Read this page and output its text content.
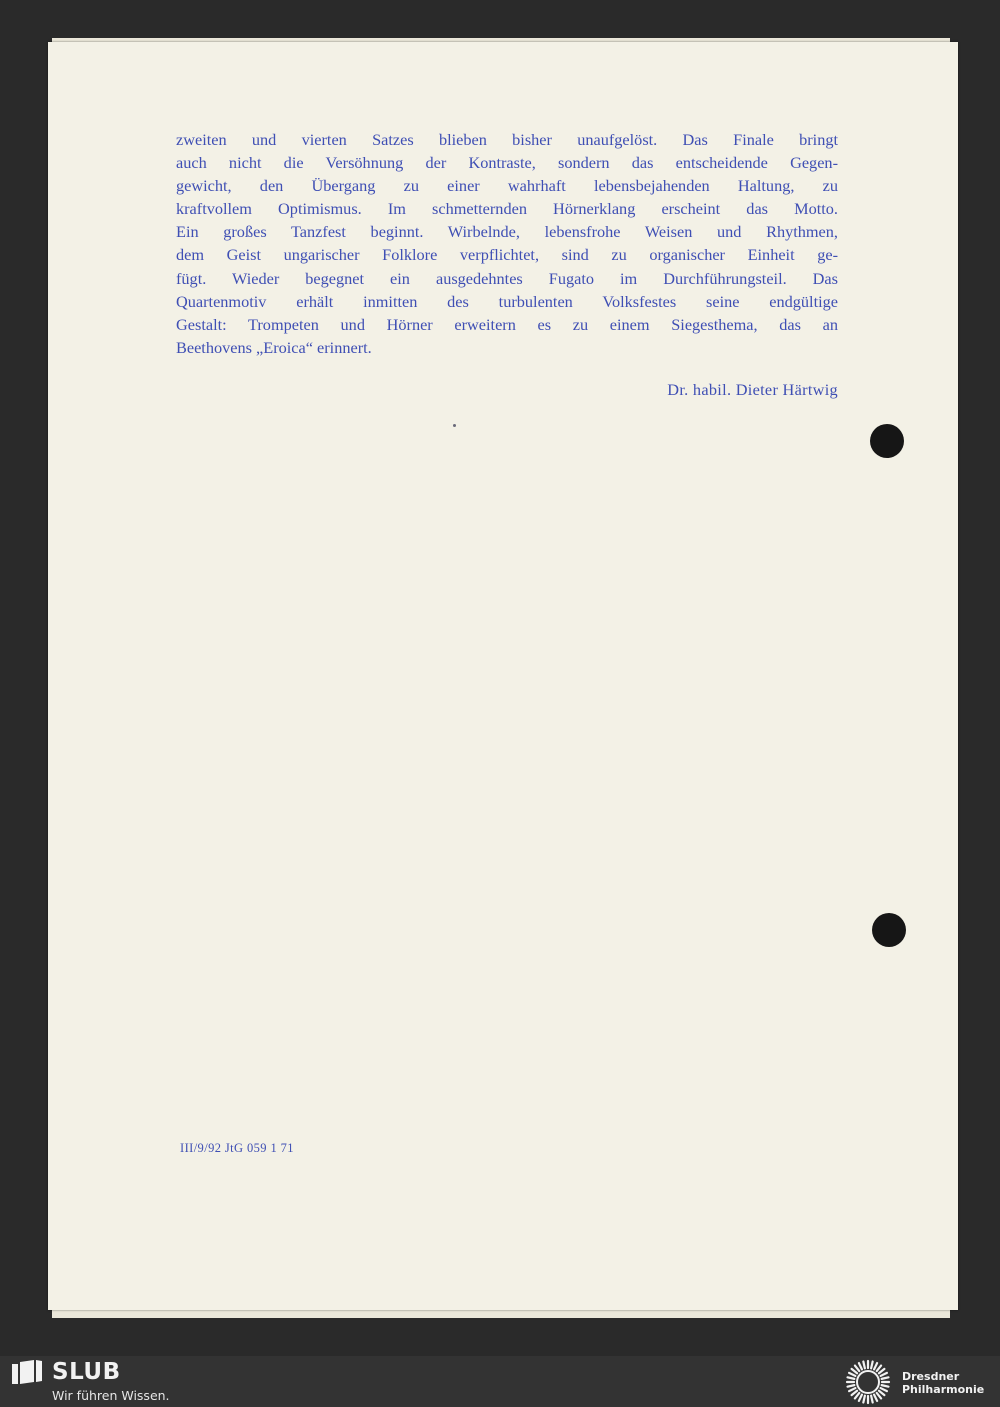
zweiten und vierten Satzes blieben bisher unaufgelöst. Das Finale bringt
auch nicht die Versöhnung der Kontraste, sondern das entscheidende Gegen-
gewicht, den Übergang zu einer wahrhaft lebensbejahenden Haltung, zu
kraftvollem Optimismus. Im schmetternden Hörnerklang erscheint das Motto.
Ein großes Tanzfest beginnt. Wirbelnde, lebensfrohe Weisen und Rhythmen,
dem Geist ungarischer Folklore verpflichtet, sind zu organischer Einheit ge-
fügt. Wieder begegnet ein ausgedehntes Fugato im Durchführungsteil. Das
Quartenmotiv erhält inmitten des turbulenten Volksfestes seine endgültige
Gestalt: Trompeten und Hörner erweitern es zu einem Siegesthema, das an
Beethovens „Eroica“ erinnert.
Dr. habil. Dieter Härtwig
III/9/92 JtG 059 1 71
SLUB
Wir führen Wissen.
Dresdner
Philharmonie
